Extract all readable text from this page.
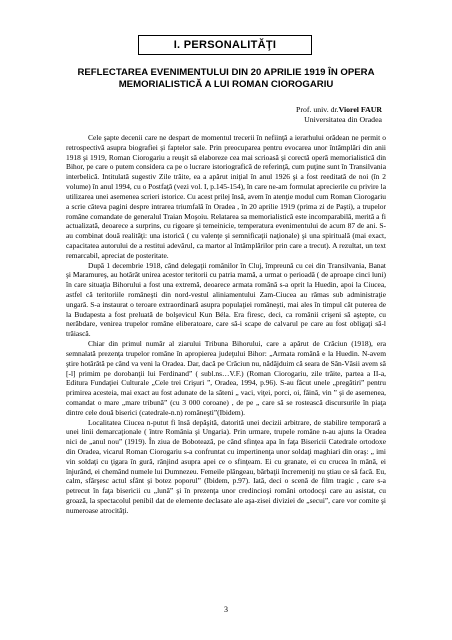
I. PERSONALITĂŢI
REFLECTAREA EVENIMENTULUI DIN 20 APRILIE 1919 ÎN OPERA
MEMORIALISTICĂ A LUI ROMAN CIOROGARIU
Prof. univ. dr.Viorel FAUR
Universitatea din Oradea

Cele şapte decenii care ne despart de momentul trecerii în nefiinţă a ierarhului orădean ne permit o retrospectivă asupra biografiei şi faptelor sale. Prin preocuparea pentru evocarea unor întâmplări din anii 1918 şi 1919, Roman Ciorogariu a reuşit să elaboreze cea mai scrioasă şi corectă operă memorialistică din Bihor, pe care o putem considera ca pe o lucrare istoriografică de referinţă, cum puţine sunt în Transilvania interbelică. Intitulată sugestiv Zile trăite, ea a apărut iniţial în anul 1926 şi a fost reeditată de noi (în 2 volume) în anul 1994, cu o Postfaţă (vezi vol. I, p.145-154), în care ne-am formulat aprecierile cu privire la utilizarea unei asemenea scrieri istorice. Cu acest prilej însă, avem în atenţie modul cum Roman Ciorogariu a scrie câteva pagini despre intrarea triumfală în Oradea , în 20 aprilie 1919 (prima zi de Paşti), a trupelor române comandate de generalul Traian Moşoiu. Relatarea sa memorialistică este incomparabilă, merită a fi actualizată, deoarece a surprins, cu rigoare şi temeinicie, temperatura evenimentului de acum 87 de ani. S-au combinat două realităţi: una istorică ( cu valenţe şi semnificaţii naţionale) şi una spirituală (mai exact, capacitatea autorului de a restitui adevărul, ca martor al întâmplărilor prin care a trecut). A rezultat, un text remarcabil, apreciat de posteritate.

După 1 decembrie 1918, când delegaţii românilor în Cluj, împreună cu cei din Transilvania, Banat şi Maramureş, au hotărât unirea acestor teritorii cu patria mamă, a urmat o perioadă ( de aproape cinci luni) în care situaţia Bihorului a fost una extremă, deoarece armata română s-a oprit la Huedin, apoi la Ciucea, astfel că teritoriile româneşti din nord-vestul aliniamentului Zam-Ciucea au rămas sub administraţie ungară. S-a instaurat o teroare extraordinară asupra populaţiei româneşti, mai ales în timpul cât puterea de la Budapesta a fost preluată de bolşevicul Kun Béla. Era firesc, deci, ca românii crişeni să aştepte, cu nerăbdare, venirea trupelor române eliberatoare, care să-i scape de calvarul pe care au fost obligaţi să-l trăiască.

Chiar din primul număr al ziarului Tribuna Bihorului, care a apărut de Crăciun (1918), era semnalată prezenţa trupelor române în apropierea judeţului Bihor: „Armata română e la Huedin. N-avem ştire hotărâtă pe când va veni la Oradea. Dar, dacă pe Crăciun nu, nădăjduim că seara de Sân-Văsii avem să [-l] primim pe dorobanţii lui Ferdinand” ( subl.ns…V.F.) (Roman Ciorogariu, zile trăite, partea a II-a, Editura Fundaţiei Culturale „Cele trei Crişuri ”, Oradea, 1994, p.96). S-au făcut unele „pregătiri” pentru primirea acesteia, mai exact au fost adunate de la săteni „ vaci, viţei, porci, oi, făină, vin ” şi de asemenea, comandat o mare „mare tribună” (cu 3 000 coroane) , de pe „ care să se rostească discursurile în piaţa dintre cele două biserici (catedrale-n.n) româneşti”(Ibidem).

Localitatea Ciucea n-putut fi însă depăşită, datorită unei decizii arbitrare, de stabilire temporară a unei linii demarcaţionale ( între România şi Ungaria). Prin urmare, trupele române n-au ajuns la Oradea nici de „anul nou” (1919). În ziua de Bobotează, pe când sfinţea apa în faţa Bisericii Catedrale ortodoxe din Oradea, vicarul Roman Ciorogariu s-a confruntat cu impertinenţa unor soldaţi maghiari din oraş: „ imi vin soldaţi cu ţigara în gură, rânjind asupra apei ce o sfinţeam. Ei cu granate, ei cu crucea în mână, ei înjurând, ei chemând numele lui Dumnezeu. Femeile plângeau, bărbaţii încremeniţi nu ştiau ce să facă. Eu, calm, sfârşesc actul sfânt şi botez poporul” (Ibidem, p.97). Iată, deci o scenă de film tragic , care s-a petrecut în faţa bisericii cu „lună” şi în prezenţa unor credincioşi români ortodocşi care au asistat, cu groază, la spectacolul penibil dat de elemente declasate ale aşa-zisei diviziei de „secui”, care vor comite şi numeroase atrocităţi.

3
